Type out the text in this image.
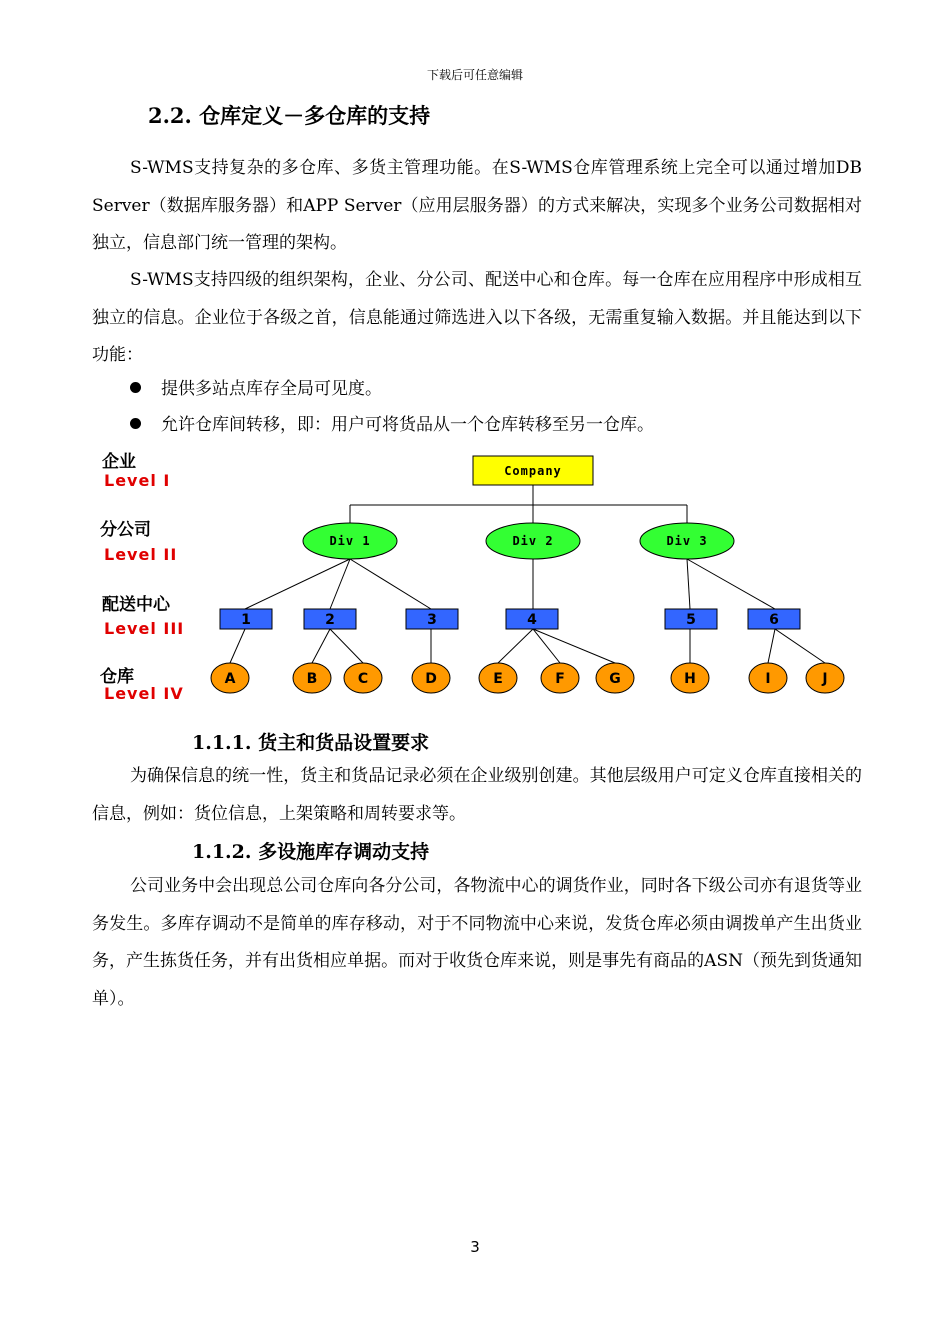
下载后可任意编辑
2.2. 仓库定义－多仓库的支持

S-WMS支持复杂的多仓库、多货主管理功能。在S-WMS仓库管理系统上完全可以通过增加DB Server（数据库服务器）和APP Server（应用层服务器）的方式来解决，实现多个业务公司数据相对独立，信息部门统一管理的架构。

S-WMS支持四级的组织架构，企业、分公司、配送中心和仓库。每一仓库在应用程序中形成相互独立的信息。企业位于各级之首，信息能通过筛选进入以下各级，无需重复输入数据。并且能达到以下功能：

提供多站点库存全局可见度。
允许仓库间转移，即：用户可将货品从一个仓库转移至另一仓库。
企业
Level I
分公司
Level II
配送中心
Level III
仓库
Level IV
Company
Div 1	Div 2	Div 3
1	2	3	4	5	6
A	B	C	D	E	F	G	H	I	J
1.1.1. 货主和货品设置要求

为确保信息的统一性，货主和货品记录必须在企业级别创建。其他层级用户可定义仓库直接相关的信息，例如：货位信息，上架策略和周转要求等。

1.1.2. 多设施库存调动支持

公司业务中会出现总公司仓库向各分公司，各物流中心的调货作业，同时各下级公司亦有退货等业务发生。多库存调动不是简单的库存移动，对于不同物流中心来说，发货仓库必须由调拨单产生出货业务，产生拣货任务，并有出货相应单据。而对于收货仓库来说，则是事先有商品的ASN（预先到货通知单）。

3
